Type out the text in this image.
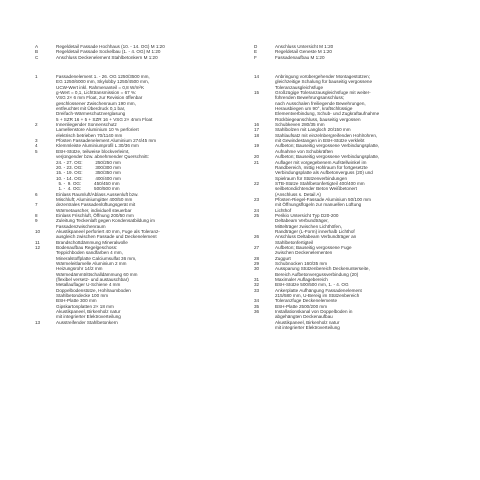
A	Regeldetail Fassade Hochhaus (10. - 14. OG) M 1:20
B	Regeldetail Fassade Sockelbau (1. - 4. OG) M 1:20
C	Anschluss Deckenelement Stahlbetonkern M 1:20
D	Anschluss Untersicht M 1:20
E	Regeldetail Geneste M 1:20
F	Fassadenaufbau M 1:20
1	Fassadenelement 1. - 26. OG 1250/3500 mm,
EG 1250/6000 mm, Skylobby 1250/4500 mm,
UCW-Wert inkl. Rahmenanteil = 0,8 W/m²K
g-Wert = 0,1, Lichttransmission = 67 %:
VSG 2× 6 mm Float, zur Revision öffenbar
geschlossener Zwischenraum 190 mm,
entfeuchtet mit Überdruck 0,1 bar,
Dreifach-Wärmeschutzverglasung
5 + SZR 16 + 5 + SZR 16 + VSG 2× 4mm Float
2	Innenliegender Sonnenschutz
Lamellenstore Aluminium 10 % perforiert
elektrisch betrieben 70/1140 mm
3	Pfosten Fassadenelement Aluminium 274/45 mm
4	Klemmleiste Aluminiumprofil L 30/36 mm
5	BSH-Stütze, teilweise blockverleimt,
verjüngender bzw. abnehmender Querschnitt:
24. - 27. OG:          250/250 mm
20. - 23. OG:          300/300 mm
15. - 19. OG:          350/350 mm
10. - 14. OG:          400/400 mm
5. -  9. OG:          450/450 mm
1. -  4. OG:          500/500 mm
6	Einlass Raumluft/Ablass Aussenluft bzw.
Mischluft; Aluminiumgitter 400/50 mm
7	dezentrales Fassadenlüftungsgerät mit
Wärmetauscher, individuell steuerbar
8	Einlass Frischluft, Öffnung 200/50 mm
9	Zuleitung Teckenlaft gegen Kondensatbildung im
Fassadenzwischenraum
10	Akustikpaneel perforiert 40 mm, Fuge als Toleranz-
ausgleich zwischen Fassade und Deckenelement
11	Brandschottdämmung Mineralwolle
12	Bodenaufbau Regelgeschoss:
Teppichboden sandfarben 4 mm,
Mineralstoffplatte Calciumsulfat 36 mm,
Wärmeleitlamelle Aluminium 2 mm
Heizungsrohr 14/2 mm
Wärmedämmtrittschalldämmung 60 mm
(flexibel versetz- und austauschbar)
Metallauflager U-Schiene 4 mm
Doppelbodenstütze, Hohlraumboden
Stahlbetondecke 100 mm
BSH-Platte 300 mm
Gipskartonplatten 2× 18 mm
Akustikpaneel, Birkenholz natur
mit integrierter Elektroverteilung
13	Ausstreifender Stahlbetonkern
14	Anbringung vorübergehender Montagestützen;
gleichzeitige Schalung für bauseitig vergossene
Toleranzausgleichsfuge
15	Großzügige Toleranzausgleichsfuge mit weiter-
führenden Bewehrungsanschluss;
nach Ausschalen freiliegende Bewehrungen,
Herausbiegen um 90°, kraftschlüssige
Elementverbindung, Schub- und Zugkraftaufnahme
Rückbiegeanschluss, bauseitig vergossen
16	Schubkeven 280/35 mm
17	Stahlbolzen mit Langloch 20/150 mm
18	Stahlaufsatz mit einzelnbergreifenden Hohlrohren,
mit Gewindestangen in BSH-Stütze verklebt
19	Aufbeton; Bauseitig vergossene Verbindungsplatte,
Aufnahme von Schubkräften
20	Aufbeton; Bauseitig vergossene Verbindungsplatte,
21	Auflager mit vorgegebenem Aufstellwinkel im
Randbereich, mittig Hohlraum für fortgesetzte
Verbindungsplatte als Aufbetonverguss (20) und
Spielraum für Stützenverbindungen
22	STB-Stütze Stahlbetonfertigteil 400/400 mm
seilbetondichtender Beton Weißbetonert
(Anschluss s. Detail A)
23	Pfosten-Riegel-Fassade Aluminium 50/100 mm
mit Öffnungsflügeln zur manuellen Lüftung
24	Lichthof
25	Perikio Untersicht Typ D20-200
Deltabeam Verbundträger,
Mittelträger zwischen Lichthöfen,
Randträger (L-Form) innerhalb Lichthof
26	Anschluss Deltabeam Verbundträger an
Stahlbetonfertigteil
27	Aufbeton; Bauseitig vergossene Fuge
zwischen Deckenelementen
28	Zuggurt
29	Schubnocken 160/35 mm
30	Aussparung Stützenbereich Deckenunterseite,
Bereich Aufbetonvergussverbindung (20)
31	Maximaler Auflagebereich
32	BSH-Stütze 500/500 mm, 1. - 4. OG
33	Ankerplatte Aufhängung Fassadenelement
215/580 mm, U-Bereig im Stützenbereich
34	Toleranzfuge Deckenelemente
35	BSH-Platte 2500/200 mm
36	Installationskanal von Doppelboden in
abgehängten Deckenaufbau
Akustikpaneel, Birkenholz natur
mit integrierter Elektroverteilung
